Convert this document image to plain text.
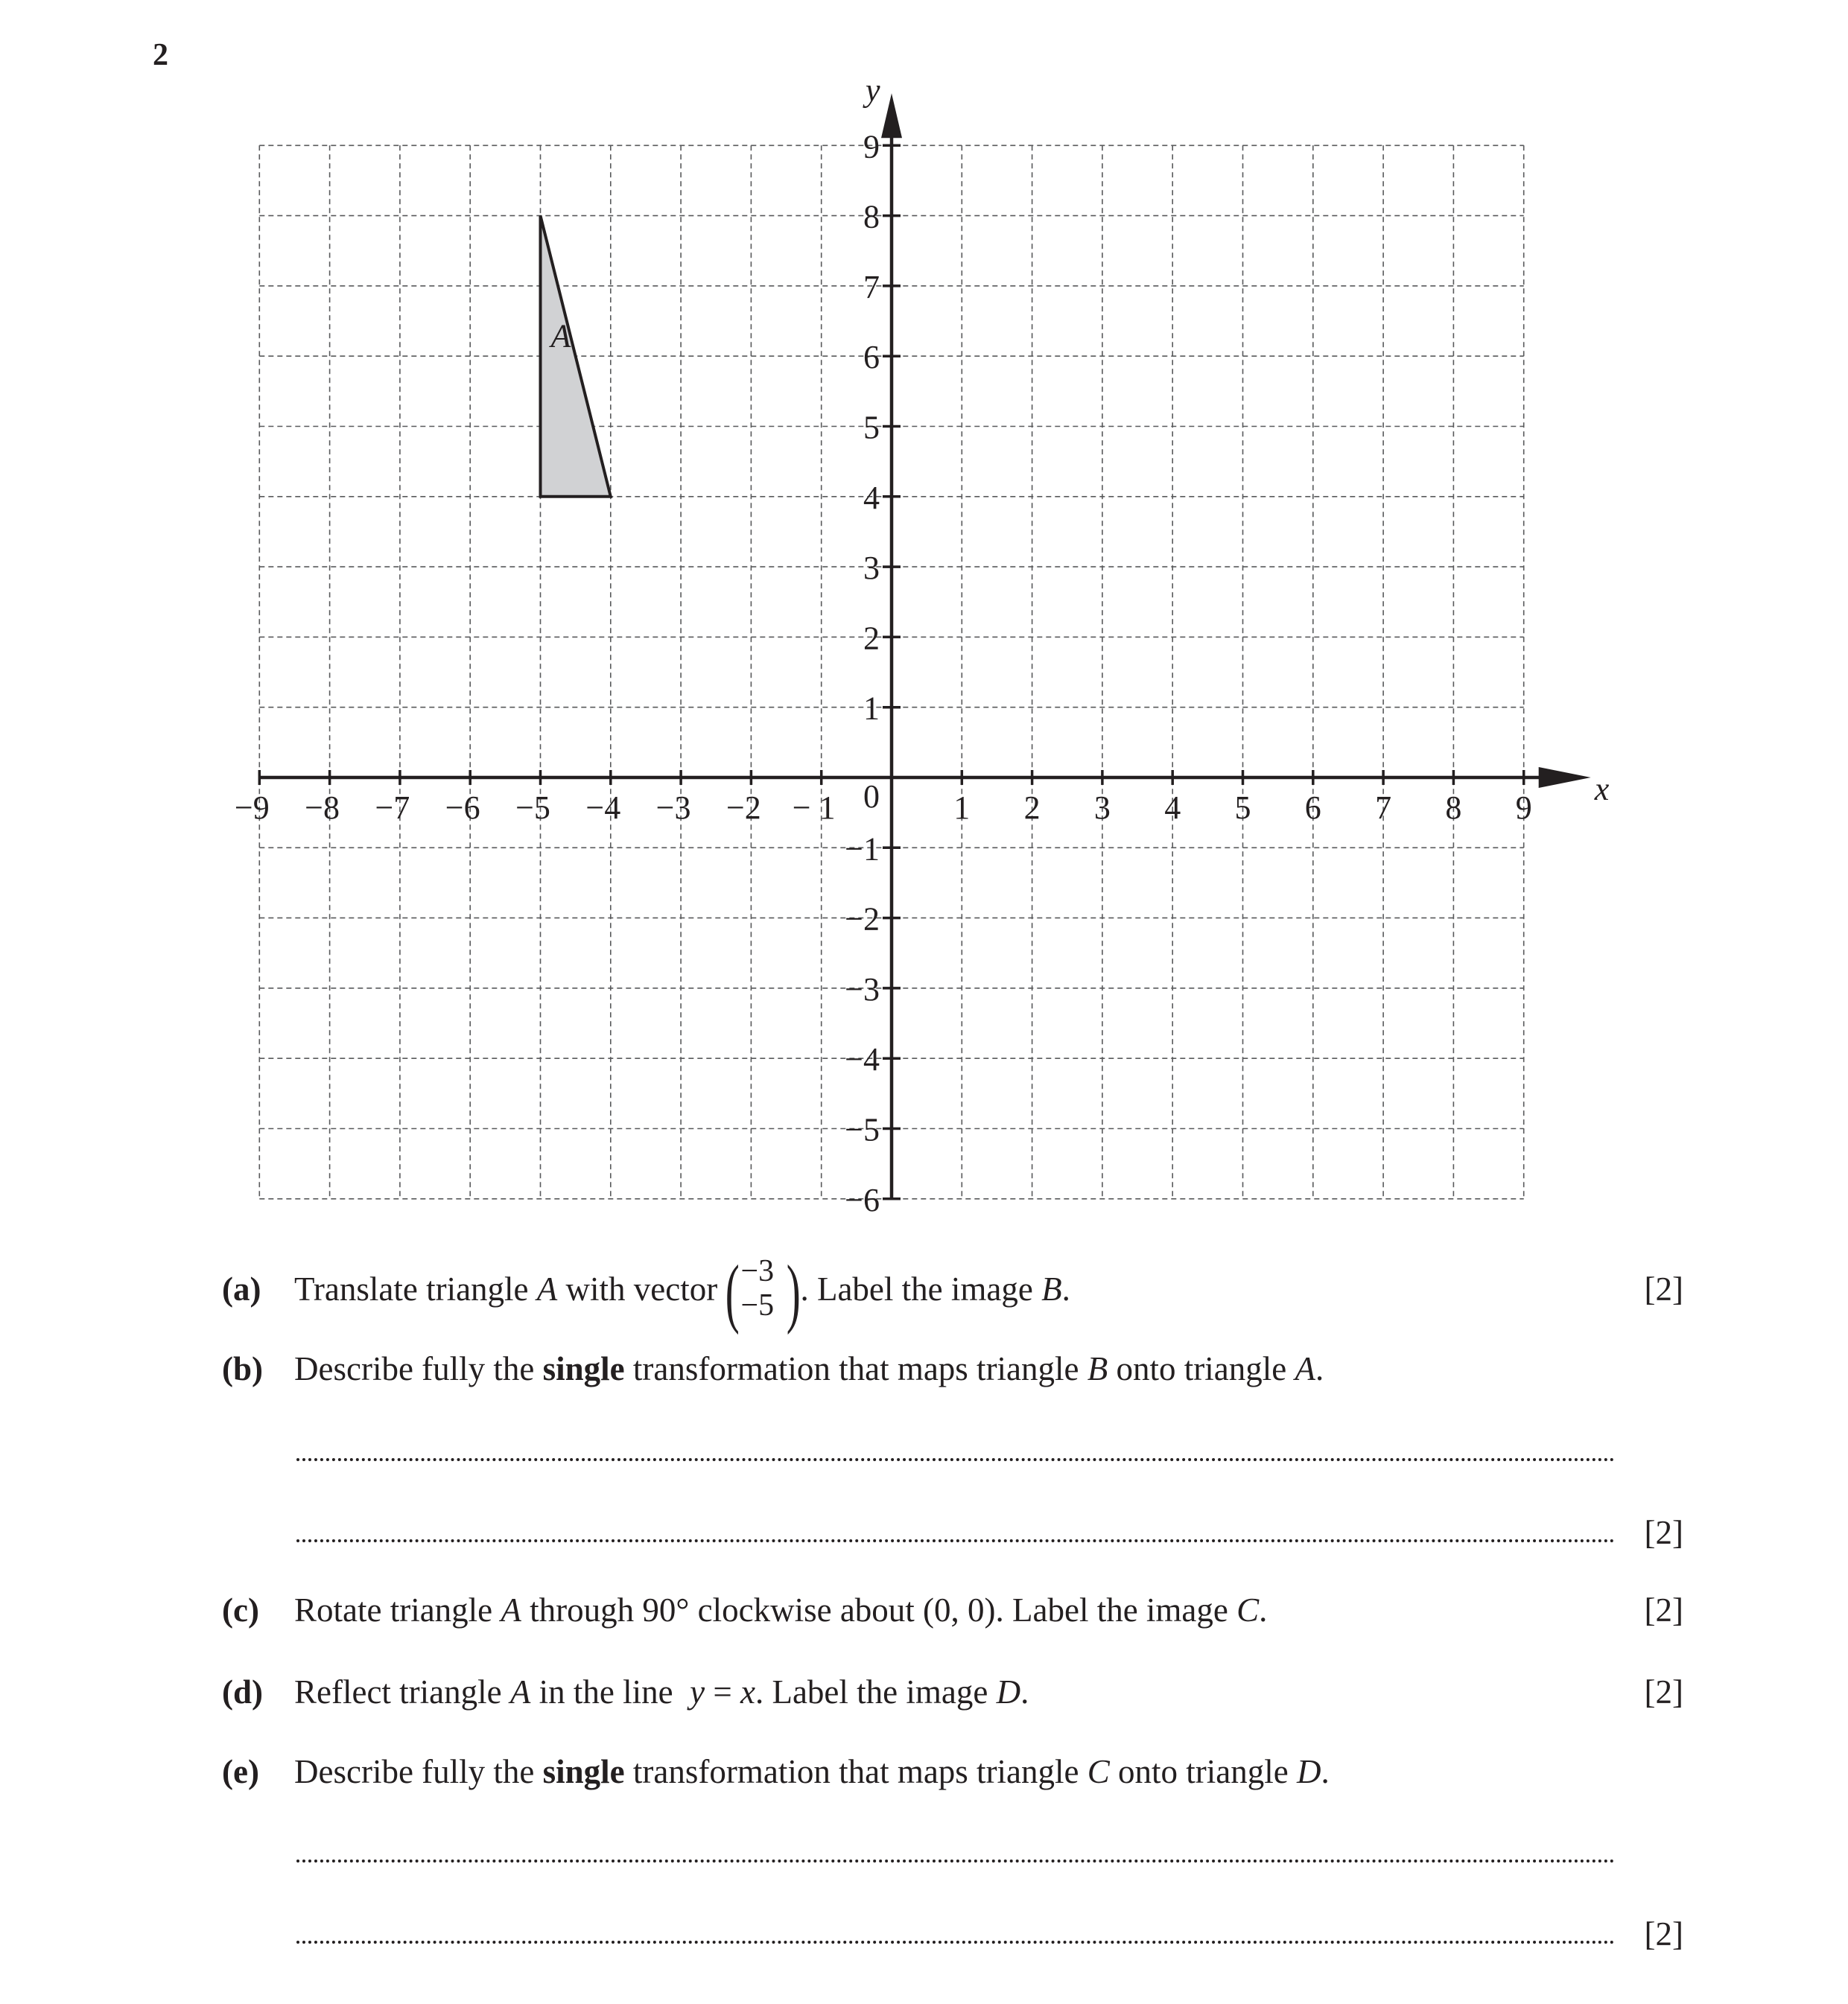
2
A
−9 −8 −7 −6 −5 −4 −3 −2 − 1	1 2 3 4 5 6 7 8 9
9
8
7
6
5
4
3
2
1
−1
−2
−3
−4
−5
−6
0	x
y
(a) Translate triangle A with vector ( −3
−5 ) . Label the image B.	[2]
(b) Describe fully the single transformation that maps triangle B onto triangle A.
[2]
(c) Rotate triangle A through 90° clockwise about (0, 0). Label the image C.	[2]
(d) Reflect triangle A in the line  y = x. Label the image D.	[2]
(e) Describe fully the single transformation that maps triangle C onto triangle D.
[2]
